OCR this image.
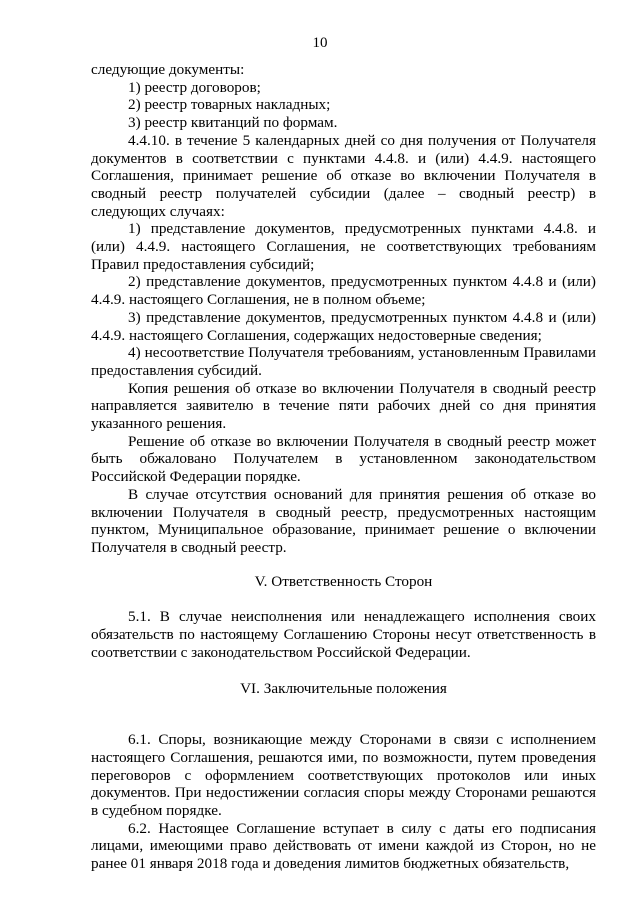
10

следующие документы:

1) реестр договоров;

2) реестр товарных накладных;

3) реестр квитанций по формам.

4.4.10. в течение 5 календарных дней со дня получения от Получателя документов в соответствии с пунктами 4.4.8. и (или) 4.4.9. настоящего Соглашения, принимает решение об отказе во включении Получателя в сводный реестр получателей субсидии (далее – сводный реестр) в следующих случаях:

1) представление документов, предусмотренных пунктами 4.4.8. и (или) 4.4.9. настоящего Соглашения, не соответствующих требованиям Правил предоставления субсидий;

2) представление документов, предусмотренных пунктом 4.4.8 и (или) 4.4.9. настоящего Соглашения, не в полном объеме;

3) представление документов, предусмотренных пунктом 4.4.8 и (или) 4.4.9. настоящего Соглашения, содержащих недостоверные сведения;

4) несоответствие Получателя требованиям, установленным Правилами предоставления субсидий.

Копия решения об отказе во включении Получателя в сводный реестр направляется заявителю в течение пяти рабочих дней со дня принятия указанного решения.

Решение об отказе во включении Получателя в сводный реестр может быть обжаловано Получателем в установленном законодательством Российской Федерации порядке.

В случае отсутствия оснований для принятия решения об отказе во включении Получателя в сводный реестр, предусмотренных настоящим пунктом, Муниципальное образование, принимает решение о включении Получателя в сводный реестр.

V. Ответственность Сторон

5.1. В случае неисполнения или ненадлежащего исполнения своих обязательств по настоящему Соглашению Стороны несут ответственность в соответствии с законодательством Российской Федерации.

VI. Заключительные положения

6.1. Споры, возникающие между Сторонами в связи с исполнением настоящего Соглашения, решаются ими, по возможности, путем проведения переговоров с оформлением соответствующих протоколов или иных документов. При недостижении согласия споры между Сторонами решаются в судебном порядке.

6.2. Настоящее Соглашение вступает в силу с даты его подписания лицами, имеющими право действовать от имени каждой из Сторон, но не ранее 01 января 2018 года и доведения лимитов бюджетных обязательств,
